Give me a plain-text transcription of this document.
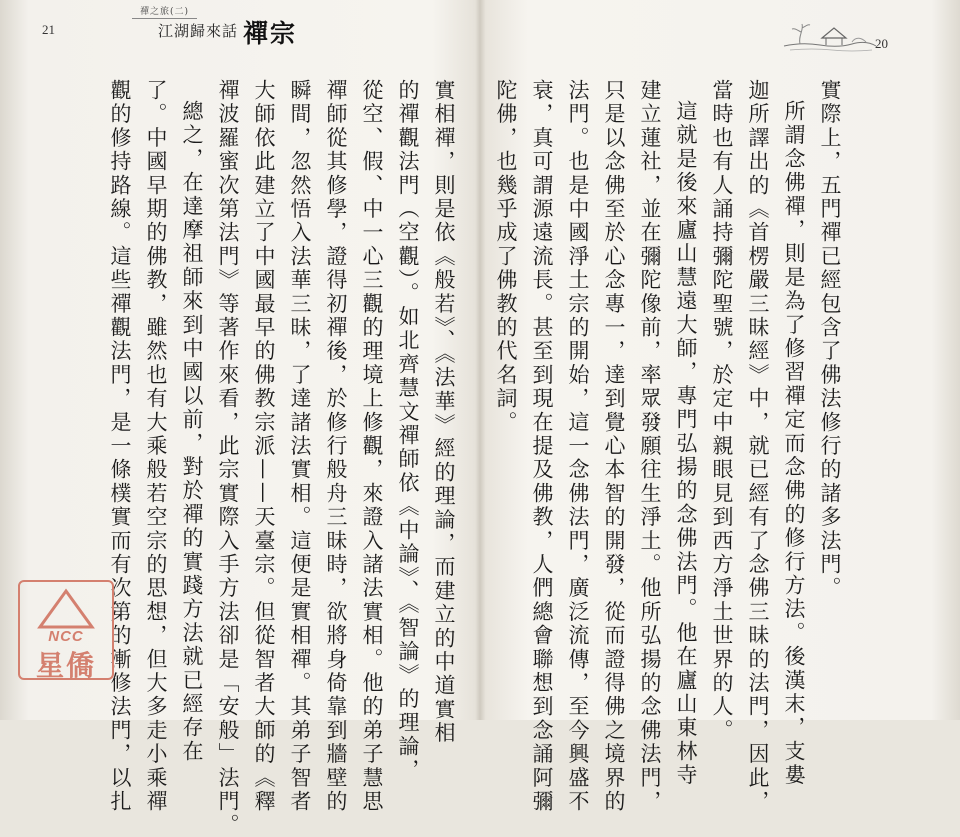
21
禪之旅(二)
江湖歸來話 禪宗
實相禪，則是依《般若》、《法華》經的理論，而建立的中道實相
的禪觀法門（空觀）。如北齊慧文禪師依《中論》、《智論》的理論，
從空、假、中一心三觀的理境上修觀，來證入諸法實相。他的弟子慧思
禪師從其修學，證得初禪後，於修行般舟三昧時，欲將身倚靠到牆壁的
瞬間，忽然悟入法華三昧，了達諸法實相。這便是實相禪。其弟子智者
大師依此建立了中國最早的佛教宗派——天臺宗。但從智者大師的《釋
禪波羅蜜次第法門》等著作來看，此宗實際入手方法卻是「安般」法門。
總之，在達摩祖師來到中國以前，對於禪的實踐方法就已經存在
了。中國早期的佛教，雖然也有大乘般若空宗的思想，但大多走小乘禪
觀的修持路線。這些禪觀法門，是一條樸實而有次第的漸修法門，以扎
NCC
星僑
20
實際上，五門禪已經包含了佛法修行的諸多法門。
所謂念佛禪，則是為了修習禪定而念佛的修行方法。後漢末，支婁
迦所譯出的《首楞嚴三昧經》中，就已經有了念佛三昧的法門，因此，
當時也有人誦持彌陀聖號，於定中親眼見到西方淨土世界的人。
這就是後來廬山慧遠大師，專門弘揚的念佛法門。他在廬山東林寺
建立蓮社，並在彌陀像前，率眾發願往生淨土。他所弘揚的念佛法門，
只是以念佛至於心念專一，達到覺心本智的開發，從而證得佛之境界的
法門。也是中國淨土宗的開始，這一念佛法門，廣泛流傳，至今興盛不
衰，真可謂源遠流長。甚至到現在提及佛教，人們總會聯想到念誦阿彌
陀佛，也幾乎成了佛教的代名詞。
